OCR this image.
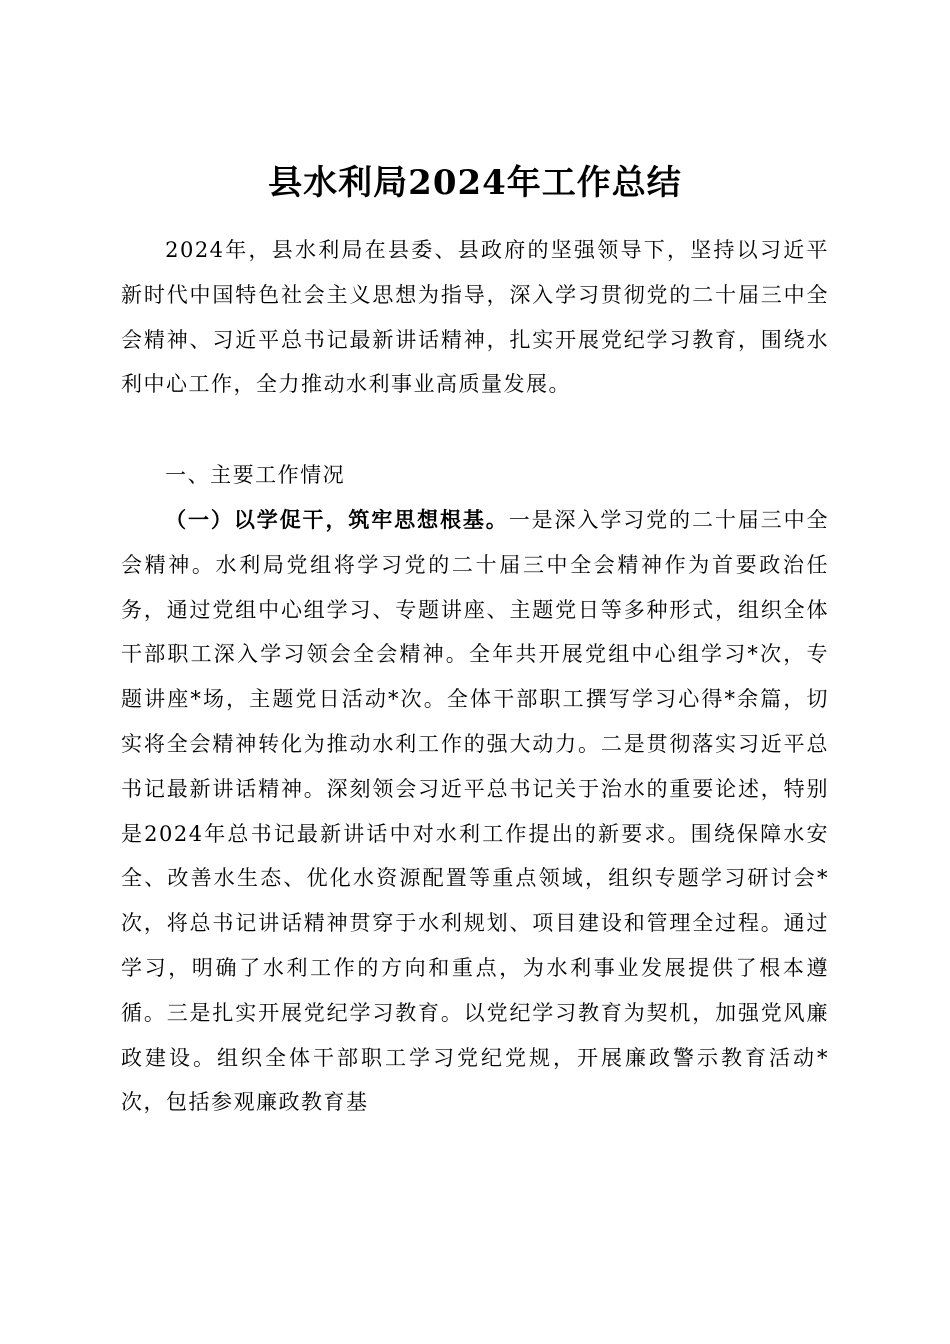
县水利局2024年工作总结

2024年，县水利局在县委、县政府的坚强领导下，坚持以习近平新时代中国特色社会主义思想为指导，深入学习贯彻党的二十届三中全会精神、习近平总书记最新讲话精神，扎实开展党纪学习教育，围绕水利中心工作，全力推动水利事业高质量发展。

一、主要工作情况

（一）以学促干，筑牢思想根基。一是深入学习党的二十届三中全会精神。水利局党组将学习党的二十届三中全会精神作为首要政治任务，通过党组中心组学习、专题讲座、主题党日等多种形式，组织全体干部职工深入学习领会全会精神。全年共开展党组中心组学习*次，专题讲座*场，主题党日活动*次。全体干部职工撰写学习心得*余篇，切实将全会精神转化为推动水利工作的强大动力。二是贯彻落实习近平总书记最新讲话精神。深刻领会习近平总书记关于治水的重要论述，特别是2024年总书记最新讲话中对水利工作提出的新要求。围绕保障水安全、改善水生态、优化水资源配置等重点领域，组织专题学习研讨会*次，将总书记讲话精神贯穿于水利规划、项目建设和管理全过程。通过学习，明确了水利工作的方向和重点，为水利事业发展提供了根本遵循。三是扎实开展党纪学习教育。以党纪学习教育为契机，加强党风廉政建设。组织全体干部职工学习党纪党规，开展廉政警示教育活动*次，包括参观廉政教育基
